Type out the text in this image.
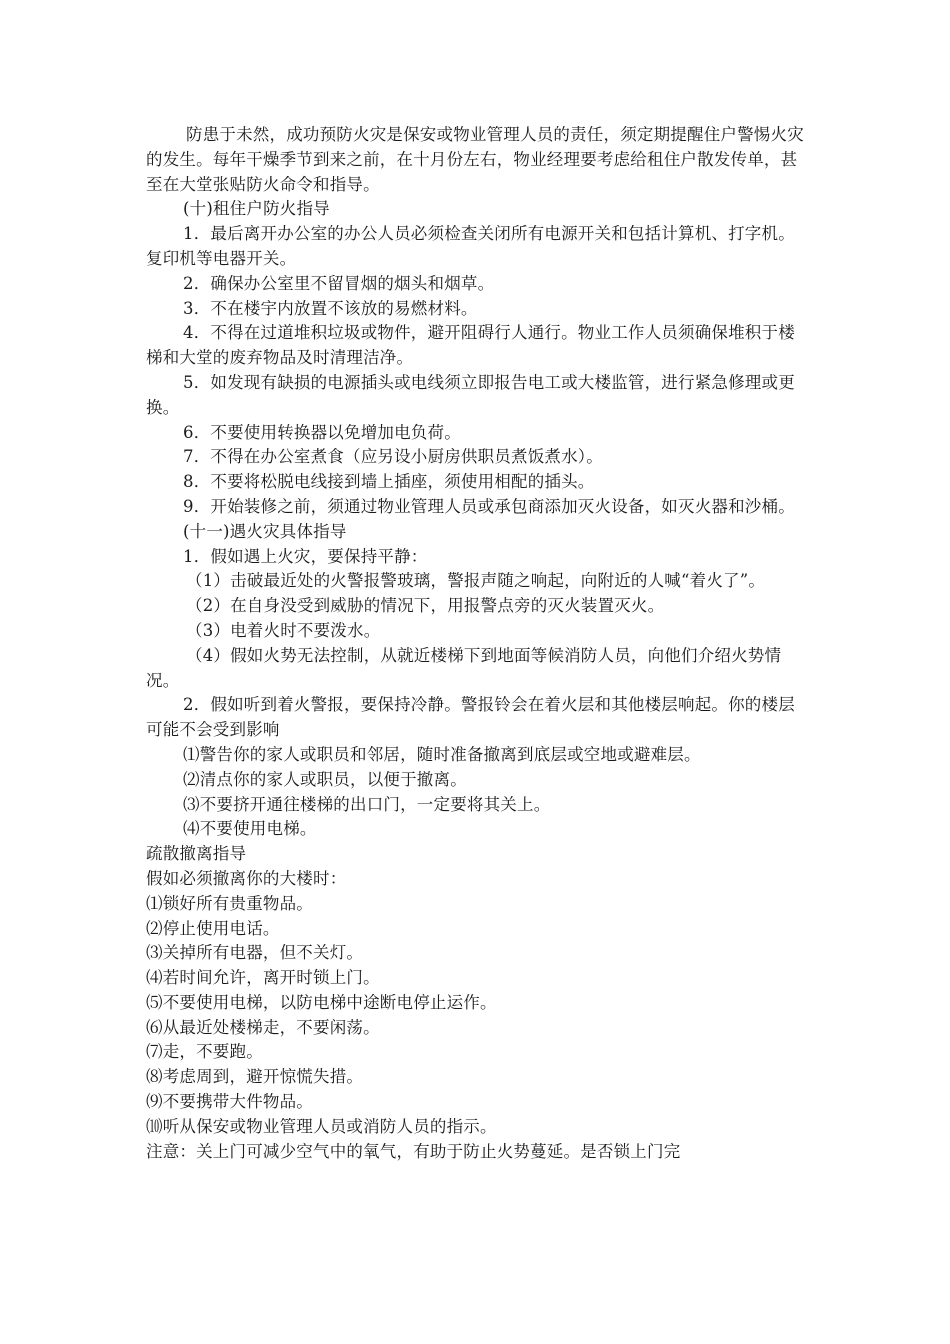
防患于未然，成功预防火灾是保安或物业管理人员的责任，须定期提醒住户警惕火灾的发生。每年干燥季节到来之前，在十月份左右，物业经理要考虑给租住户散发传单，甚至在大堂张贴防火命令和指导。

(十)租住户防火指导

1．最后离开办公室的办公人员必须检查关闭所有电源开关和包括计算机、打字机。复印机等电器开关。

2．确保办公室里不留冒烟的烟头和烟草。

3．不在楼宇内放置不该放的易燃材料。

4．不得在过道堆积垃圾或物件，避开阻碍行人通行。物业工作人员须确保堆积于楼梯和大堂的废弃物品及时清理洁净。

5．如发现有缺损的电源插头或电线须立即报告电工或大楼监管，进行紧急修理或更换。

6．不要使用转换器以免增加电负荷。

7．不得在办公室煮食（应另设小厨房供职员煮饭煮水）。

8．不要将松脱电线接到墙上插座，须使用相配的插头。

9．开始装修之前，须通过物业管理人员或承包商添加灭火设备，如灭火器和沙桶。

(十一)遇火灾具体指导

1．假如遇上火灾，要保持平静：

（1）击破最近处的火警报警玻璃，警报声随之响起，向附近的人喊“着火了”。

（2）在自身没受到威胁的情况下，用报警点旁的灭火装置灭火。

（3）电着火时不要泼水。

（4）假如火势无法控制，从就近楼梯下到地面等候消防人员，向他们介绍火势情况。

2．假如听到着火警报，要保持冷静。警报铃会在着火层和其他楼层响起。你的楼层可能不会受到影响

⑴警告你的家人或职员和邻居，随时准备撤离到底层或空地或避难层。

⑵清点你的家人或职员，以便于撤离。

⑶不要挤开通往楼梯的出口门，一定要将其关上。

⑷不要使用电梯。

疏散撤离指导

假如必须撤离你的大楼时：

⑴锁好所有贵重物品。

⑵停止使用电话。

⑶关掉所有电器，但不关灯。

⑷若时间允许，离开时锁上门。

⑸不要使用电梯，以防电梯中途断电停止运作。

⑹从最近处楼梯走，不要闲荡。

⑺走，不要跑。

⑻考虑周到，避开惊慌失措。

⑼不要携带大件物品。

⑽听从保安或物业管理人员或消防人员的指示。

注意：关上门可减少空气中的氧气，有助于防止火势蔓延。是否锁上门完
